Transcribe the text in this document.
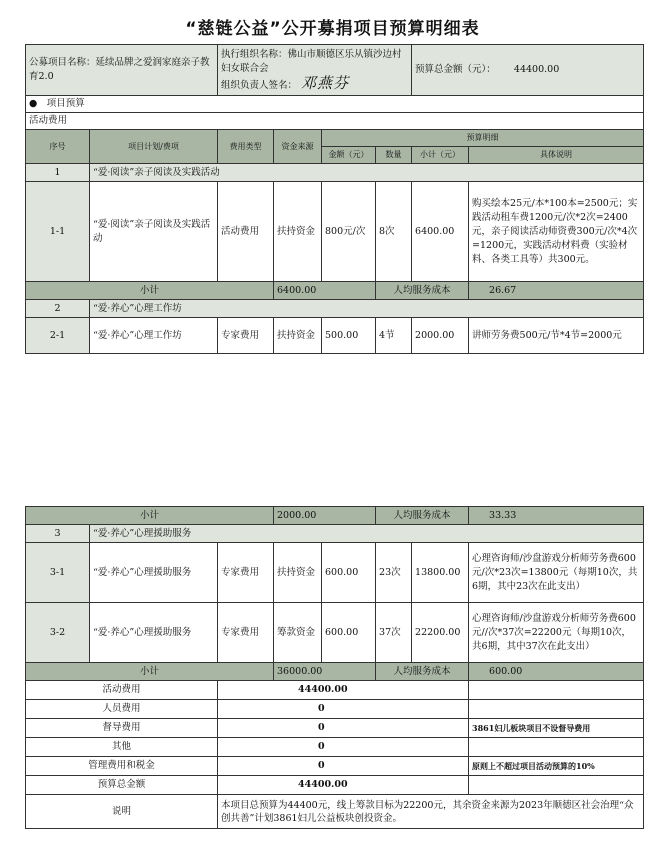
“慈链公益”公开募捐项目预算明细表
公募项目名称：延续品牌之爱润家庭亲子教育2.0		执行组织名称：佛山市顺德区乐从镇沙边村妇女联合会
组织负责人签名： 邓燕芬				预算总金额（元）： 44400.00	
●　项目预算							
活动费用							
序号	项目计划/费项	费用类型	资金来源	预算明细			
				金额（元）	数量	小计（元）	具体说明
1	“爱·阅读”亲子阅读及实践活动						
1-1	“爱·阅读”亲子阅读及实践活动	活动费用	扶持资金	800元/次	8次	6400.00	购买绘本25元/本*100本=2500元；实践活动租车费1200元/次*2次=2400元，亲子阅读活动师资费300元/次*4次=1200元，实践活动材料费（实验材料、各类工具等）共300元。
小计			6400.00		人均服务成本		26.67
2	“爱·养心”心理工作坊						
2-1	“爱·养心”心理工作坊	专家费用	扶持资金	500.00	4节	2000.00	讲师劳务费500元/节*4节=2000元
小计			2000.00		人均服务成本		33.33
3	“爱·养心”心理援助服务						
3-1	“爱·养心”心理援助服务	专家费用	扶持资金	600.00	23次	13800.00	心理咨询师/沙盘游戏分析师劳务费600元/次*23次=13800元（每期10次，共6期，其中23次在此支出）
3-2	“爱·养心”心理援助服务	专家费用	筹款资金	600.00	37次	22200.00	心理咨询师/沙盘游戏分析师劳务费600元//次*37次=22200元（每期10次，共6期，其中37次在此支出）
小计			36000.00		人均服务成本		600.00
活动费用		44400.00					
人员费用		0					
督导费用		0					3861妇儿板块项目不设督导费用
其他		0					
管理费用和税金		0					原则上不超过项目活动预算的10%
预算总金额		44400.00					
说明		本项目总预算为44400元，线上筹款目标为22200元，其余资金来源为2023年顺德区社会治理“众创共善”计划3861妇儿公益板块创投资金。					
